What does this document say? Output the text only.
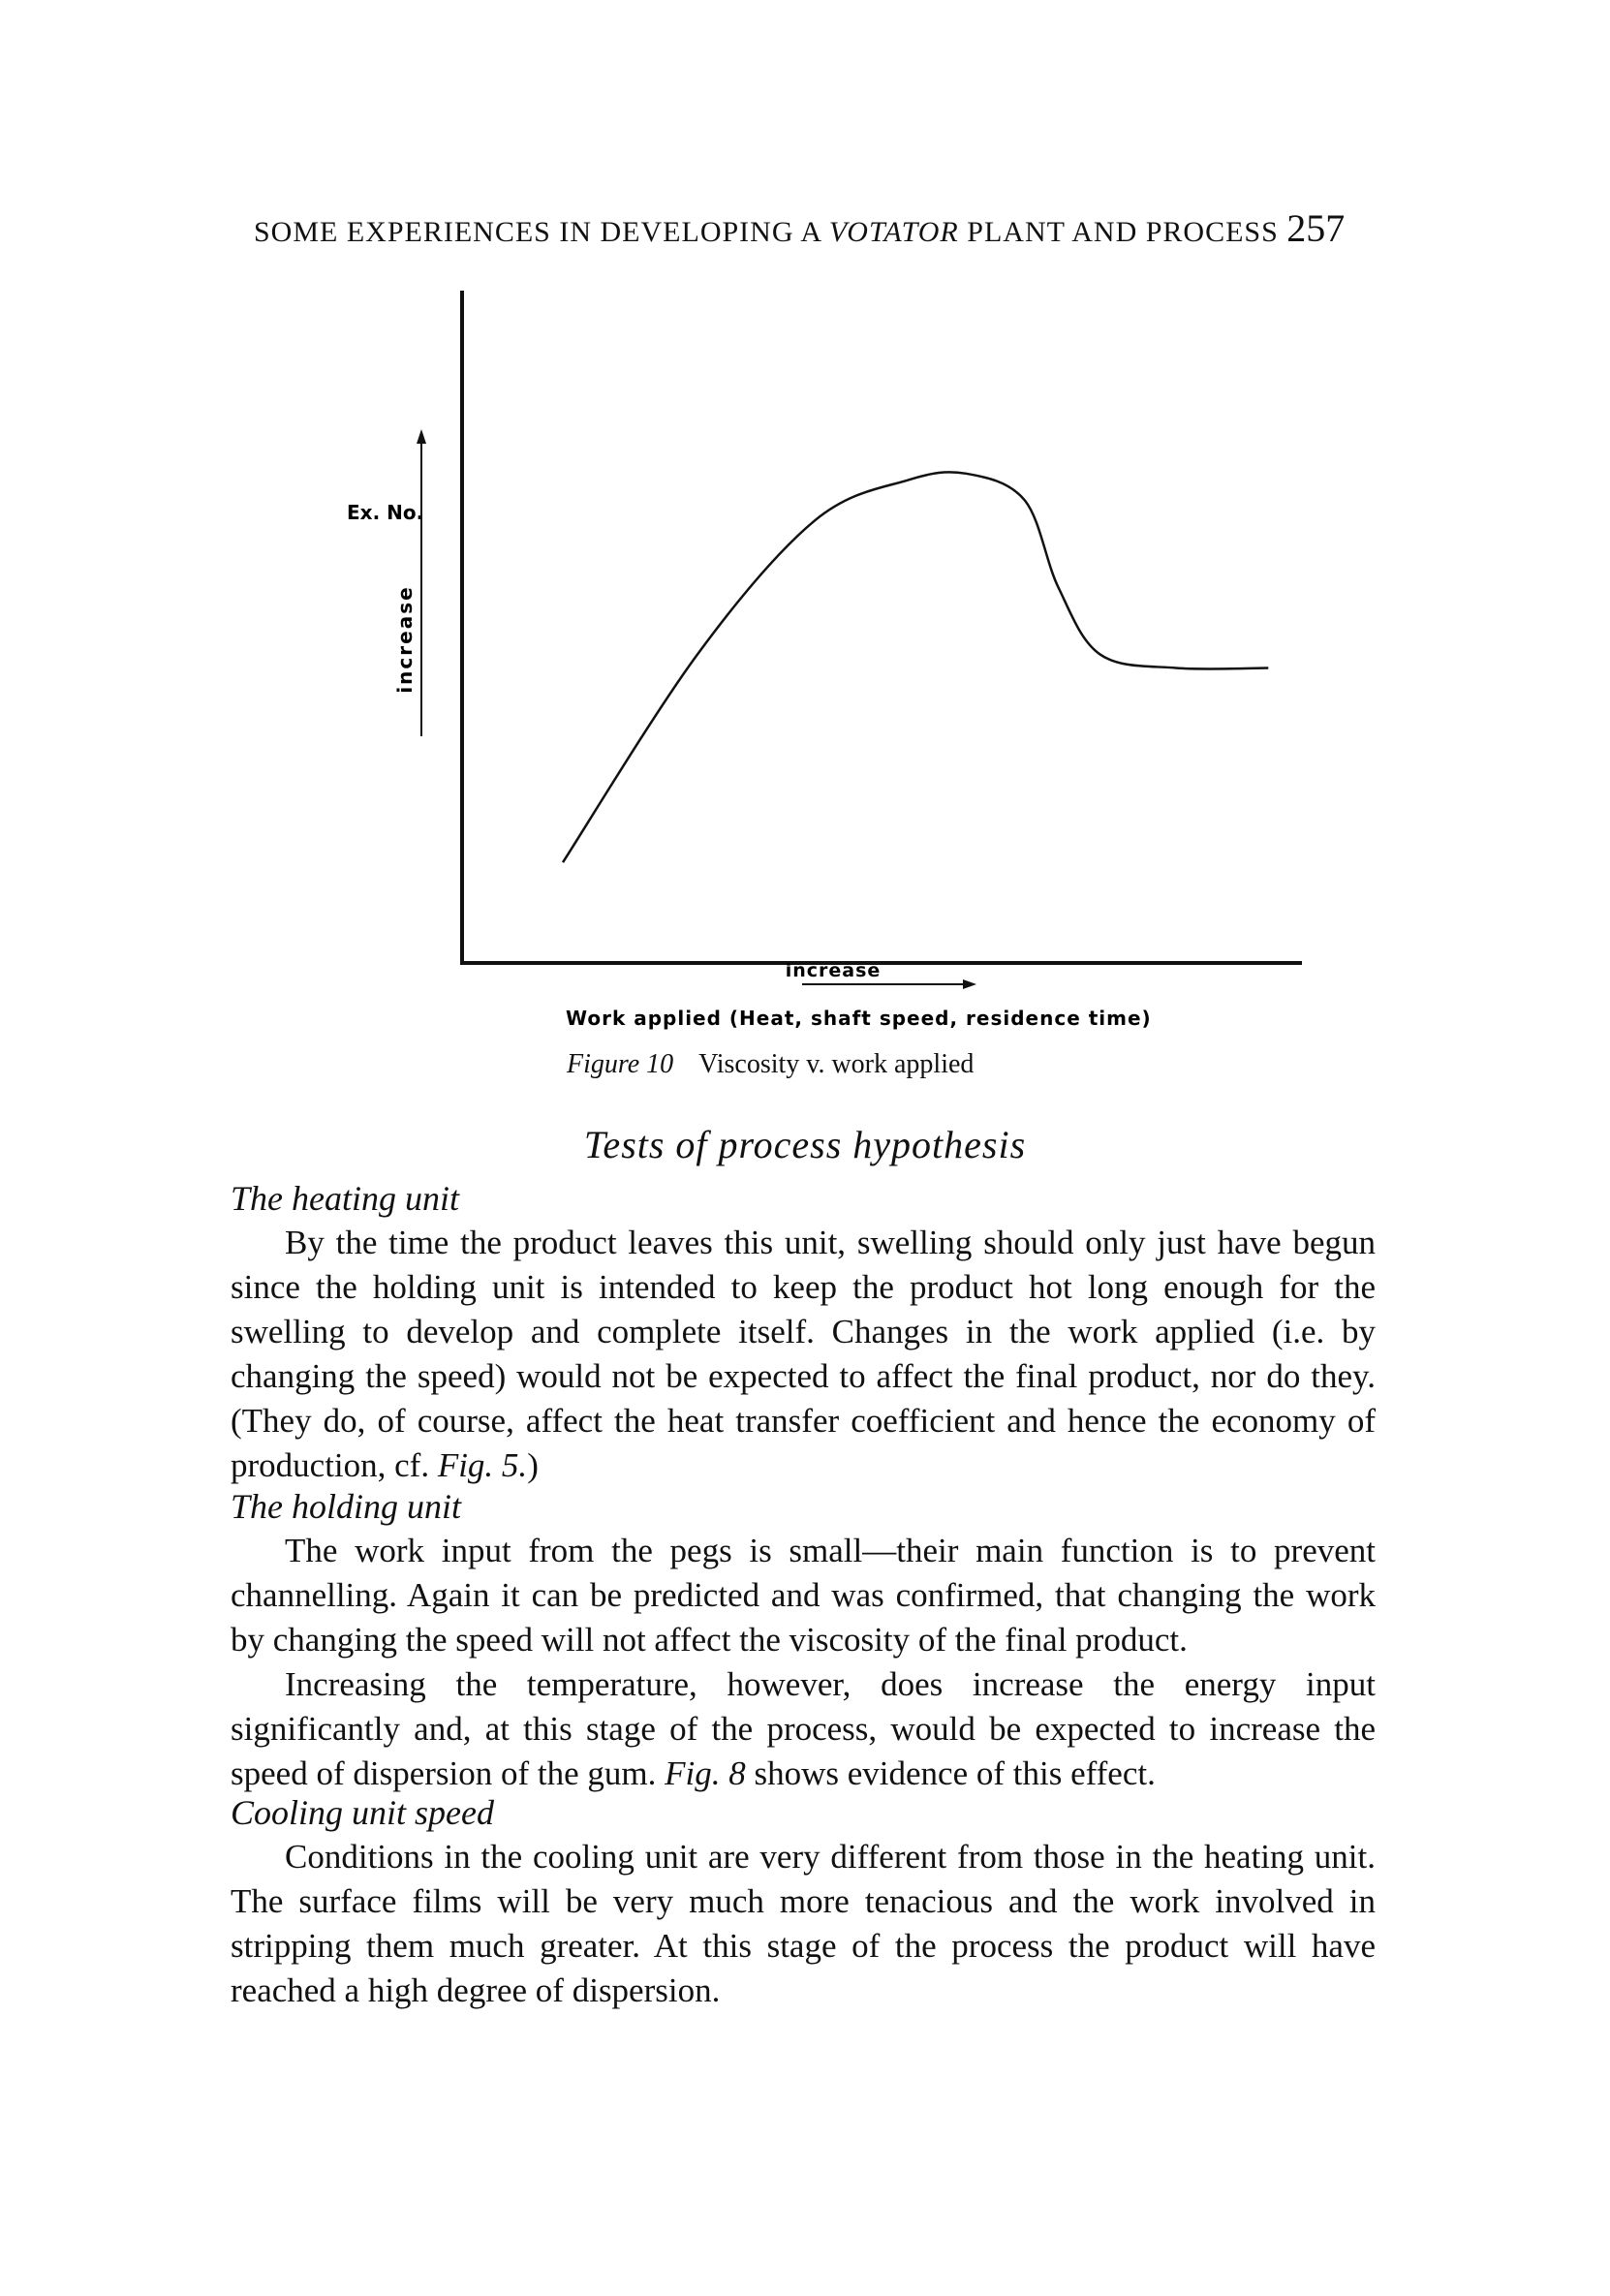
SOME EXPERIENCES IN DEVELOPING A VOTATOR PLANT AND PROCESS 257
Ex. No.
increase
increase
Work applied (Heat, shaft speed, residence time)
Figure 10 Viscosity v. work applied
Tests of process hypothesis
The heating unit

By the time the product leaves this unit, swelling should only just have begun since the holding unit is intended to keep the product hot long enough for the swelling to develop and complete itself. Changes in the work applied (i.e. by changing the speed) would not be expected to affect the final product, nor do they. (They do, of course, affect the heat transfer coefficient and hence the economy of production, cf. Fig. 5.)

The holding unit

The work input from the pegs is small—their main function is to prevent channelling. Again it can be predicted and was confirmed, that changing the work by changing the speed will not affect the viscosity of the final product.

Increasing the temperature, however, does increase the energy input significantly and, at this stage of the process, would be expected to increase the speed of dispersion of the gum. Fig. 8 shows evidence of this effect.

Cooling unit speed

Conditions in the cooling unit are very different from those in the heating unit. The surface films will be very much more tenacious and the work involved in stripping them much greater. At this stage of the process the product will have reached a high degree of dispersion.
